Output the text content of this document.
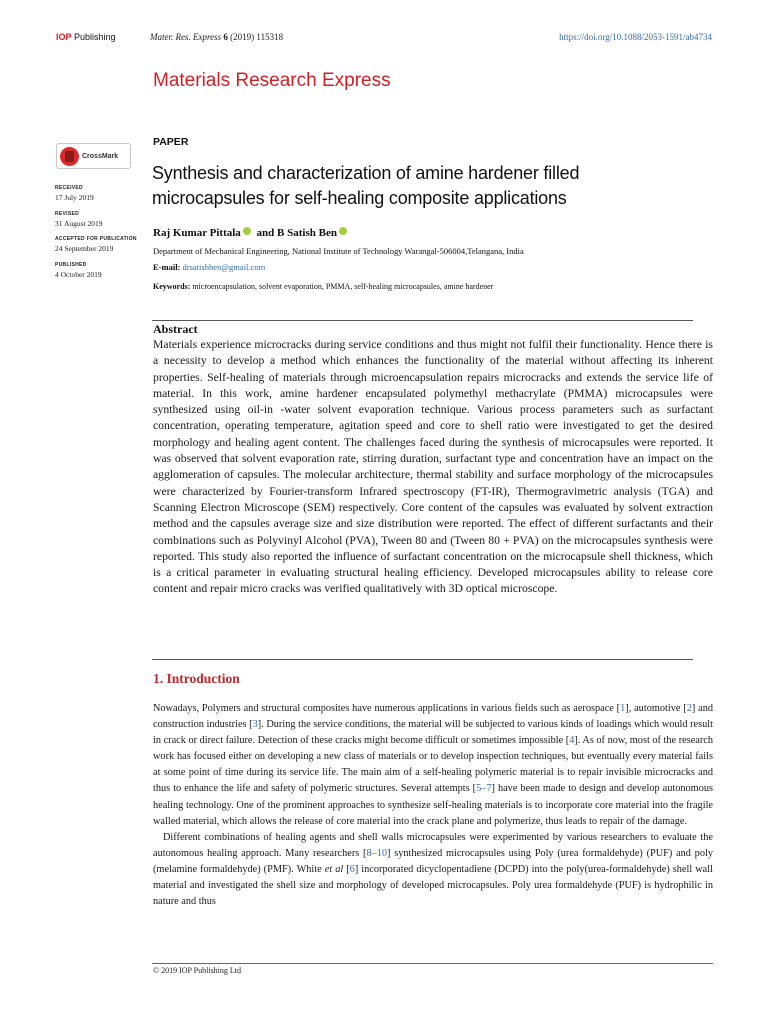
IOP Publishing	Mater. Res. Express 6 (2019) 115318	https://doi.org/10.1088/2053-1591/ab4734
Materials Research Express
CrossMark
RECEIVED
17 July 2019
REVISED
31 August 2019
ACCEPTED FOR PUBLICATION
24 September 2019
PUBLISHED
4 October 2019
PAPER
Synthesis and characterization of amine hardener filled
microcapsules for self-healing composite applications
Raj Kumar Pittala and B Satish Ben
Department of Mechanical Engineering, National Institute of Technology Warangal-506004,Telangana, India
E-mail: drsatishben@gmail.com
Keywords: microencapsulation, solvent evaporation, PMMA, self-healing microcapsules, amine hardener
Abstract
Materials experience microcracks during service conditions and thus might not fulfil their functionality. Hence there is a necessity to develop a method which enhances the functionality of the material without affecting its inherent properties. Self-healing of materials through microencapsulation repairs microcracks and extends the service life of material. In this work, amine hardener encapsulated polymethyl methacrylate (PMMA) microcapsules were synthesized using oil-in -water solvent evaporation technique. Various process parameters such as surfactant concentration, operating temperature, agitation speed and core to shell ratio were investigated to get the desired morphology and healing agent content. The challenges faced during the synthesis of microcapsules were reported. It was observed that solvent evaporation rate, stirring duration, surfactant type and concentration have an impact on the agglomeration of capsules. The molecular architecture, thermal stability and surface morphology of the microcapsules were characterized by Fourier-transform Infrared spectroscopy (FT-IR), Thermogravimetric analysis (TGA) and Scanning Electron Microscope (SEM) respectively. Core content of the capsules was evaluated by solvent extraction method and the capsules average size and size distribution were reported. The effect of different surfactants and their combinations such as Polyvinyl Alcohol (PVA), Tween 80 and (Tween 80 + PVA) on the microcapsules synthesis were reported. This study also reported the influence of surfactant concentration on the microcapsule shell thickness, which is a critical parameter in evaluating structural healing efficiency. Developed microcapsules ability to release core content and repair micro cracks was verified qualitatively with 3D optical microscope.
1. Introduction

Nowadays, Polymers and structural composites have numerous applications in various fields such as aerospace [1], automotive [2] and construction industries [3]. During the service conditions, the material will be subjected to various kinds of loadings which would result in crack or direct failure. Detection of these cracks might become difficult or sometimes impossible [4]. As of now, most of the research work has focused either on developing a new class of materials or to develop inspection techniques, but eventually every material fails at some point of time during its service life. The main aim of a self-healing polymeric material is to repair invisible microcracks and thus to enhance the life and safety of polymeric structures. Several attempts [5–7] have been made to design and develop autonomous healing technology. One of the prominent approaches to synthesize self-healing materials is to incorporate core material into the fragile walled material, which allows the release of core material into the crack plane and polymerize, thus leads to repair of the damage.

Different combinations of healing agents and shell walls microcapsules were experimented by various researchers to evaluate the autonomous healing approach. Many researchers [8–10] synthesized microcapsules using Poly (urea formaldehyde) (PUF) and poly (melamine formaldehyde) (PMF). White et al [6] incorporated dicyclopentadiene (DCPD) into the poly(urea-formaldehyde) shell wall material and investigated the shell size and morphology of developed microcapsules. Poly urea formaldehyde (PUF) is hydrophilic in nature and thus

© 2019 IOP Publishing Ltd
